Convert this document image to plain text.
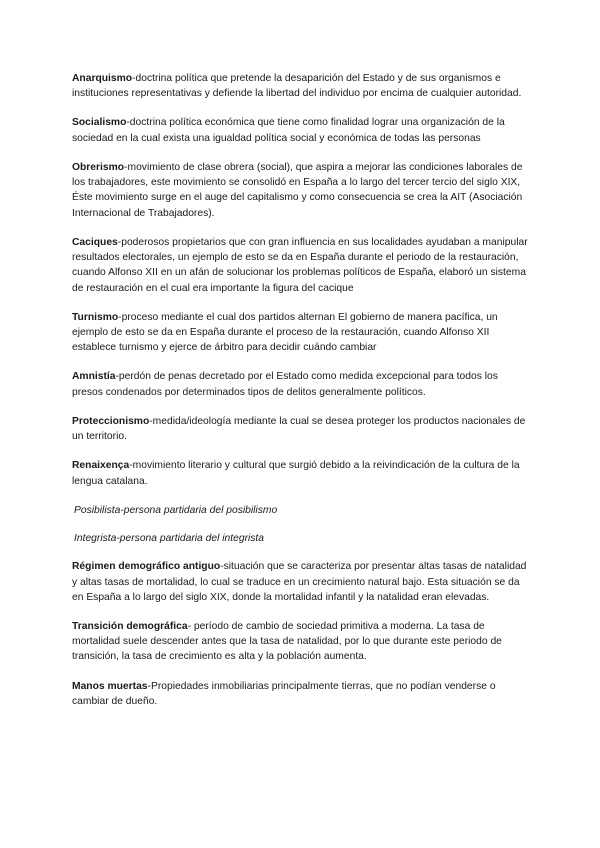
Anarquismo-doctrina política que pretende la desaparición del Estado y de sus organismos e instituciones representativas y defiende la libertad del individuo por encima de cualquier autoridad.

Socialismo-doctrina política económica que tiene como finalidad lograr una organización de la sociedad en la cual exista una igualdad política social y económica de todas las personas

Obrerismo-movimiento de clase obrera (social), que aspira a mejorar las condiciones laborales de los trabajadores, este movimiento se consolidó en España a lo largo del tercer tercio del siglo XIX, Éste movimiento surge en el auge del capitalismo y como consecuencia se crea la AIT (Asociación Internacional de Trabajadores).

Caciques-poderosos propietarios que con gran influencia en sus localidades ayudaban a manipular resultados electorales, un ejemplo de esto se da en España durante el periodo de la restauración, cuando Alfonso XII en un afán de solucionar los problemas políticos de España, elaboró un sistema de restauración en el cual era importante la figura del cacique

Turnismo-proceso mediante el cual dos partidos alternan El gobierno de manera pacífica, un ejemplo de esto se da en España durante el proceso de la restauración, cuando Alfonso XII establece turnismo y ejerce de árbitro para decidir cuándo cambiar

Amnistía-perdón de penas decretado por el Estado como medida excepcional para todos los presos condenados por determinados tipos de delitos generalmente políticos.

Proteccionismo-medida/ideología mediante la cual se desea proteger los productos nacionales de un territorio.

Renaixença-movimiento literario y cultural que surgió debido a la reivindicación de la cultura de la lengua catalana.

Posibilista-persona partidaria del posibilismo

Integrista-persona partidaria del integrista

Régimen demográfico antiguo-situación que se caracteriza por presentar altas tasas de natalidad y altas tasas de mortalidad, lo cual se traduce en un crecimiento natural bajo. Esta situación se da en España a lo largo del siglo XIX, donde la mortalidad infantil y la natalidad eran elevadas.

Transición demográfica- período de cambio de sociedad primitiva a moderna. La tasa de mortalidad suele descender antes que la tasa de natalidad, por lo que durante este periodo de transición, la tasa de crecimiento es alta y la población aumenta.

Manos muertas-Propiedades inmobiliarias principalmente tierras, que no podían venderse o cambiar de dueño.
